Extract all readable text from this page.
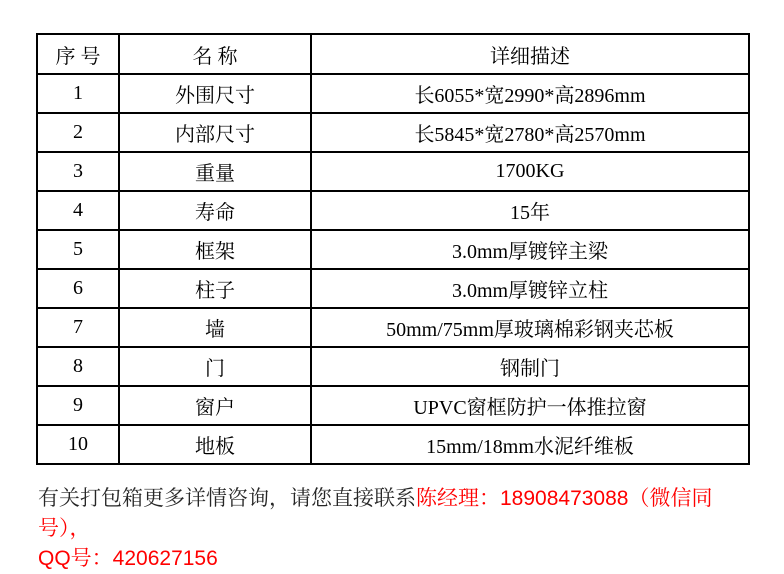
序 号	名 称	详细描述
1	外围尺寸	长6055*宽2990*高2896mm
2	内部尺寸	长5845*宽2780*高2570mm
3	重量	1700KG
4	寿命	15年
5	框架	3.0mm厚镀锌主梁
6	柱子	3.0mm厚镀锌立柱
7	墙	50mm/75mm厚玻璃棉彩钢夹芯板
8	门	钢制门
9	窗户	UPVC窗框防护一体推拉窗
10	地板	15mm/18mm水泥纤维板

有关打包箱更多详情咨询，请您直接联系陈经理：18908473088（微信同号），
QQ号：420627156
